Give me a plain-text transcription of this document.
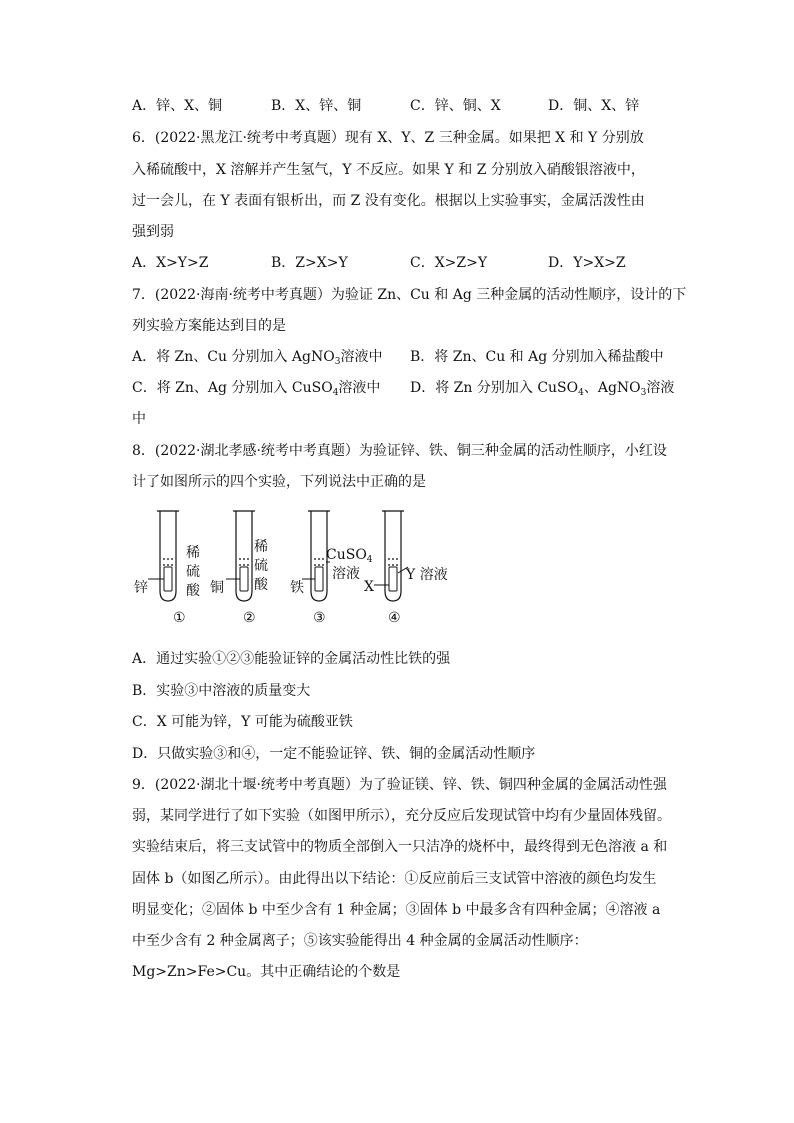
A．锌、X、铜	B．X、锌、铜	C．锌、铜、X	D．铜、X、锌
6．(2022·黑龙江·统考中考真题）现有 X、Y、Z 三种金属。如果把 X 和 Y 分别放
入稀硫酸中，X 溶解并产生氢气，Y 不反应。如果 Y 和 Z 分别放入硝酸银溶液中，
过一会儿，在 Y 表面有银析出，而 Z 没有变化。根据以上实验事实，金属活泼性由
强到弱
A．X>Y>Z	B．Z>X>Y	C．X>Z>Y	D．Y>X>Z
7．(2022·海南·统考中考真题）为验证 Zn、Cu 和 Ag 三种金属的活动性顺序，设计的下
列实验方案能达到目的是
A．将 Zn、Cu 分别加入 AgNO$_3$溶液中 B．将 Zn、Cu 和 Ag 分别加入稀盐酸中
C．将 Zn、Ag 分别加入 CuSO$_4$溶液中 D．将 Zn 分别加入 CuSO$_4$、AgNO$_3$溶液
中
8．(2022·湖北孝感·统考中考真题）为验证锌、铁、铜三种金属的活动性顺序，小红设
计了如图所示的四个实验，下列说法中正确的是
锌
稀
硫
酸
①
铜
稀
硫
酸
②
铁
CuSO$_4$
溶液
③
X
Y 溶液
④
A．通过实验①②③能验证锌的金属活动性比铁的强
B．实验③中溶液的质量变大
C．X 可能为锌，Y 可能为硫酸亚铁
D．只做实验③和④，一定不能验证锌、铁、铜的金属活动性顺序
9．(2022·湖北十堰·统考中考真题）为了验证镁、锌、铁、铜四种金属的金属活动性强
弱，某同学进行了如下实验（如图甲所示），充分反应后发现试管中均有少量固体残留。
实验结束后，将三支试管中的物质全部倒入一只洁净的烧杯中，最终得到无色溶液 a 和
固体 b（如图乙所示）。由此得出以下结论：①反应前后三支试管中溶液的颜色均发生
明显变化；②固体 b 中至少含有 1 种金属；③固体 b 中最多含有四种金属；④溶液 a
中至少含有 2 种金属离子；⑤该实验能得出 4 种金属的金属活动性顺序：
Mg>Zn>Fe>Cu。其中正确结论的个数是
